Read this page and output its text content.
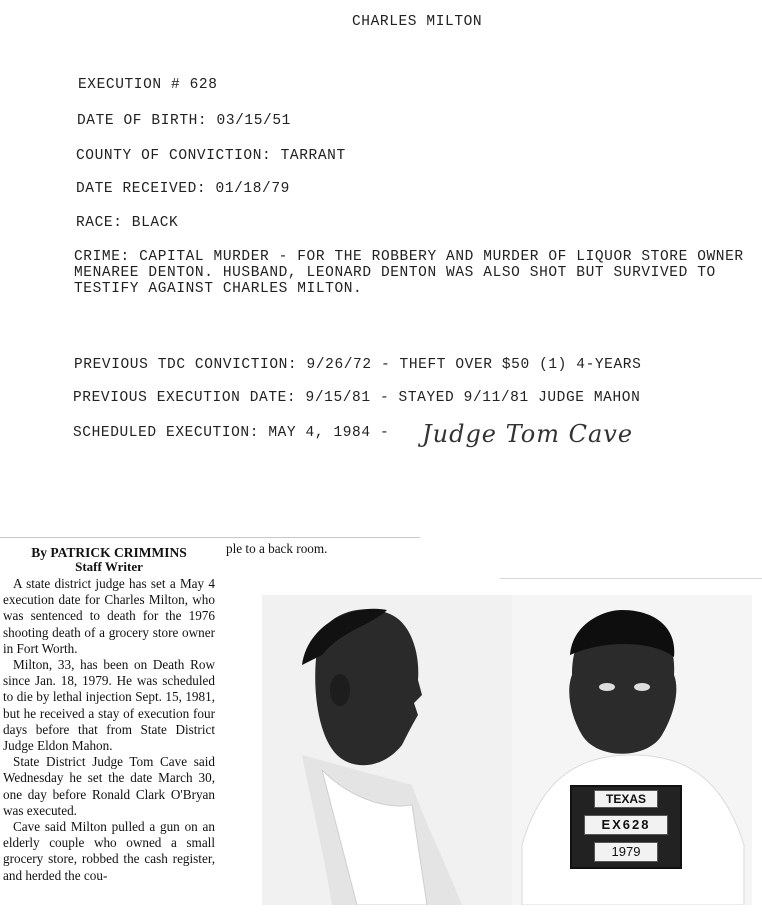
CHARLES MILTON
EXECUTION # 628
DATE OF BIRTH: 03/15/51
COUNTY OF CONVICTION: TARRANT
DATE RECEIVED: 01/18/79
RACE: BLACK
CRIME: CAPITAL MURDER - FOR THE ROBBERY AND MURDER OF LIQUOR STORE OWNER MENAREE DENTON. HUSBAND, LEONARD DENTON WAS ALSO SHOT BUT SURVIVED TO TESTIFY AGAINST CHARLES MILTON.
PREVIOUS TDC CONVICTION: 9/26/72 - THEFT OVER $50 (1) 4-YEARS
PREVIOUS EXECUTION DATE: 9/15/81 - STAYED 9/11/81 JUDGE MAHON
SCHEDULED EXECUTION: MAY 4, 1984 - Judge Tom Cave
By PATRICK CRIMMINS
Staff Writer

A state district judge has set a May 4 execution date for Charles Milton, who was sentenced to death for the 1976 shooting death of a grocery store owner in Fort Worth.

Milton, 33, has been on Death Row since Jan. 18, 1979. He was scheduled to die by lethal injection Sept. 15, 1981, but he received a stay of execution four days before that from State District Judge Eldon Mahon.

State District Judge Tom Cave said Wednesday he set the date March 30, one day before Ronald Clark O'Bryan was executed.

Cave said Milton pulled a gun on an elderly couple who owned a small grocery store, robbed the cash register, and herded the cou-

ple to a back room.
TEXAS
EX628
1979
